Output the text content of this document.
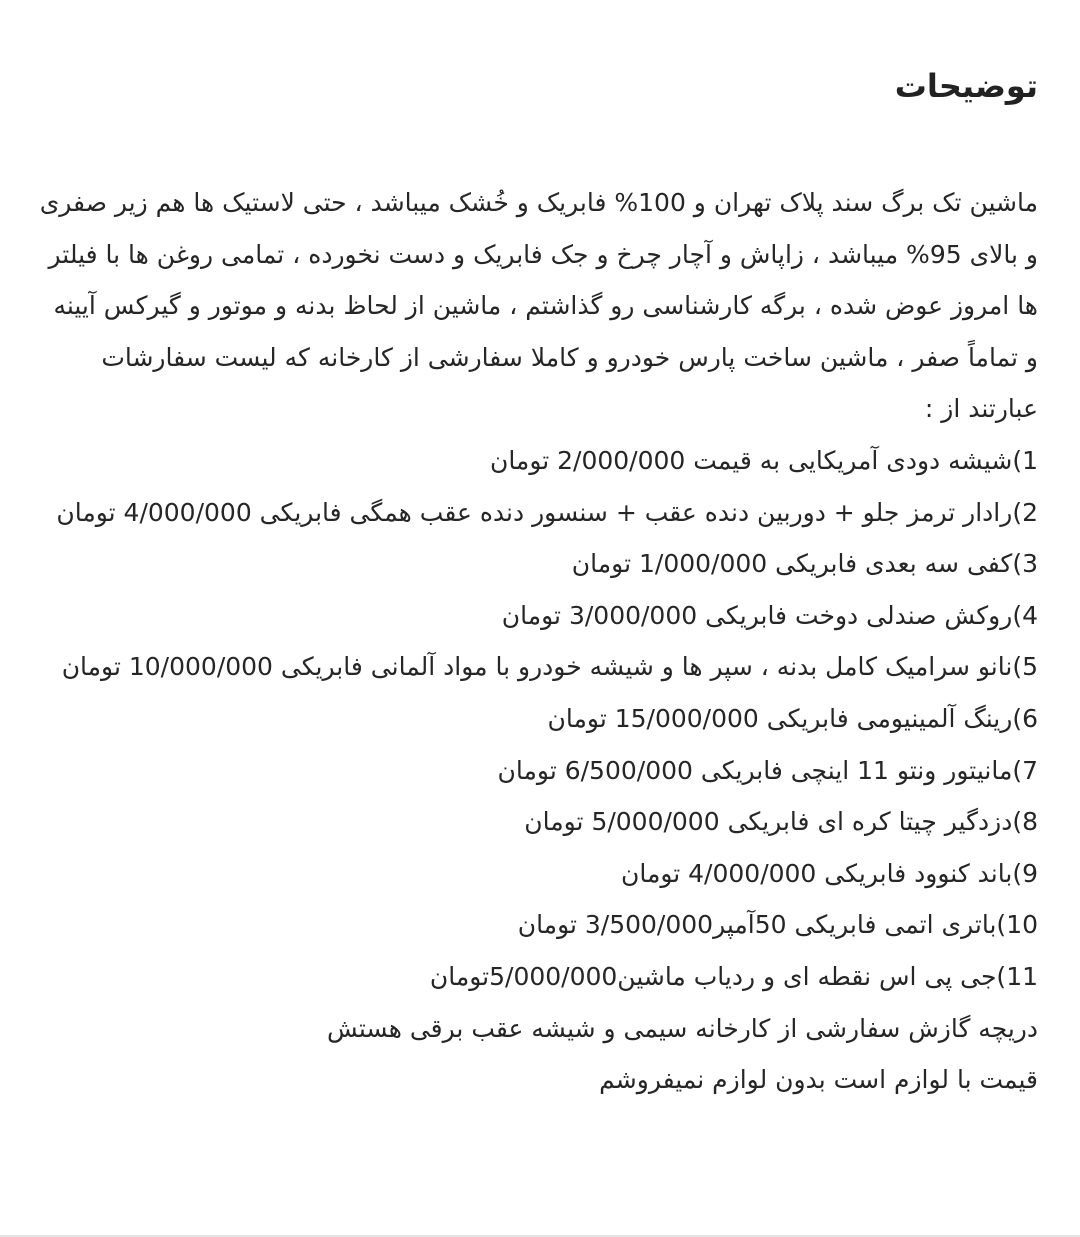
توضیحات

ماشین تک برگ سند پلاک تهران و 100% فابریک و خُشک میباشد ، حتی لاستیک ها هم زیر صفری و بالای 95% میباشد ، زاپاش و آچار چرخ و جک فابریک و دست نخورده ، تمامی روغن ها با فیلتر ها امروز عوض شده ، برگه کارشناسی رو گذاشتم ، ماشین از لحاظ بدنه و موتور و گیرکس آیینه و تماماً صفر ، ماشین ساخت پارس خودرو و کاملا سفارشی از کارخانه که لیست سفارشات عبارتند از :

1)شیشه دودی آمریکایی به قیمت 2/000/000 تومان
2)رادار ترمز جلو + دوربین دنده عقب + سنسور دنده عقب همگی فابریکی 4/000/000 تومان
3)کفی سه بعدی فابریکی 1/000/000 تومان
4)روکش صندلی دوخت فابریکی 3/000/000 تومان
5)نانو سرامیک کامل بدنه ، سپر ها و شیشه خودرو با مواد آلمانی فابریکی 10/000/000 تومان
6)رینگ آلمینیومی فابریکی 15/000/000 تومان
7)مانیتور ونتو 11 اینچی فابریکی 6/500/000 تومان
8)دزدگیر چیتا کره ای فابریکی 5/000/000 تومان
9)باند کنوود فابریکی 4/000/000 تومان
10)باتری اتمی فابریکی 50آمپر3/500/000 تومان
11)جی پی اس نقطه ای و ردیاب ماشین5/000/000تومان

دریچه گازش سفارشی از کارخانه سیمی و شیشه عقب برقی هستش

قیمت با لوازم است بدون لوازم نمیفروشم
